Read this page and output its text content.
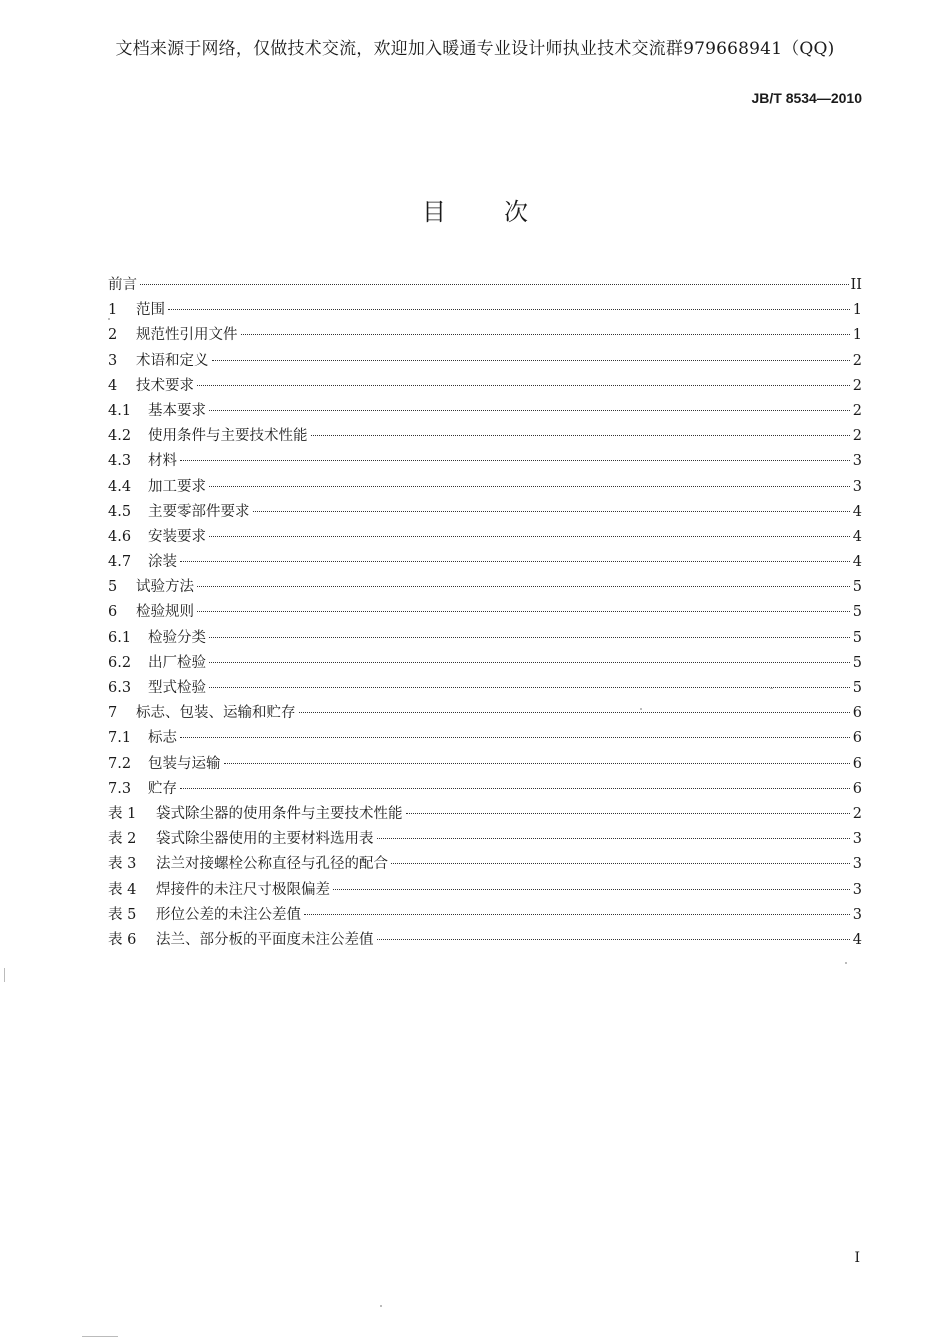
文档来源于网络，仅做技术交流，欢迎加入暖通专业设计师执业技术交流群979668941（QQ)
JB/T 8534—2010
目次
前言	II
1	范围	1
2	规范性引用文件	1
3	术语和定义	2
4	技术要求	2
4.1	基本要求	2
4.2	使用条件与主要技术性能	2
4.3	材料	3
4.4	加工要求	3
4.5	主要零部件要求	4
4.6	安装要求	4
4.7	涂装	4
5	试验方法	5
6	检验规则	5
6.1	检验分类	5
6.2	出厂检验	5
6.3	型式检验	5
7	标志、包装、运输和贮存	6
7.1	标志	6
7.2	包装与运输	6
7.3	贮存	6
表 1	袋式除尘器的使用条件与主要技术性能	2
表 2	袋式除尘器使用的主要材料选用表	3
表 3	法兰对接螺栓公称直径与孔径的配合	3
表 4	焊接件的未注尺寸极限偏差	3
表 5	形位公差的未注公差值	3
表 6	法兰、部分板的平面度未注公差值	4
I
